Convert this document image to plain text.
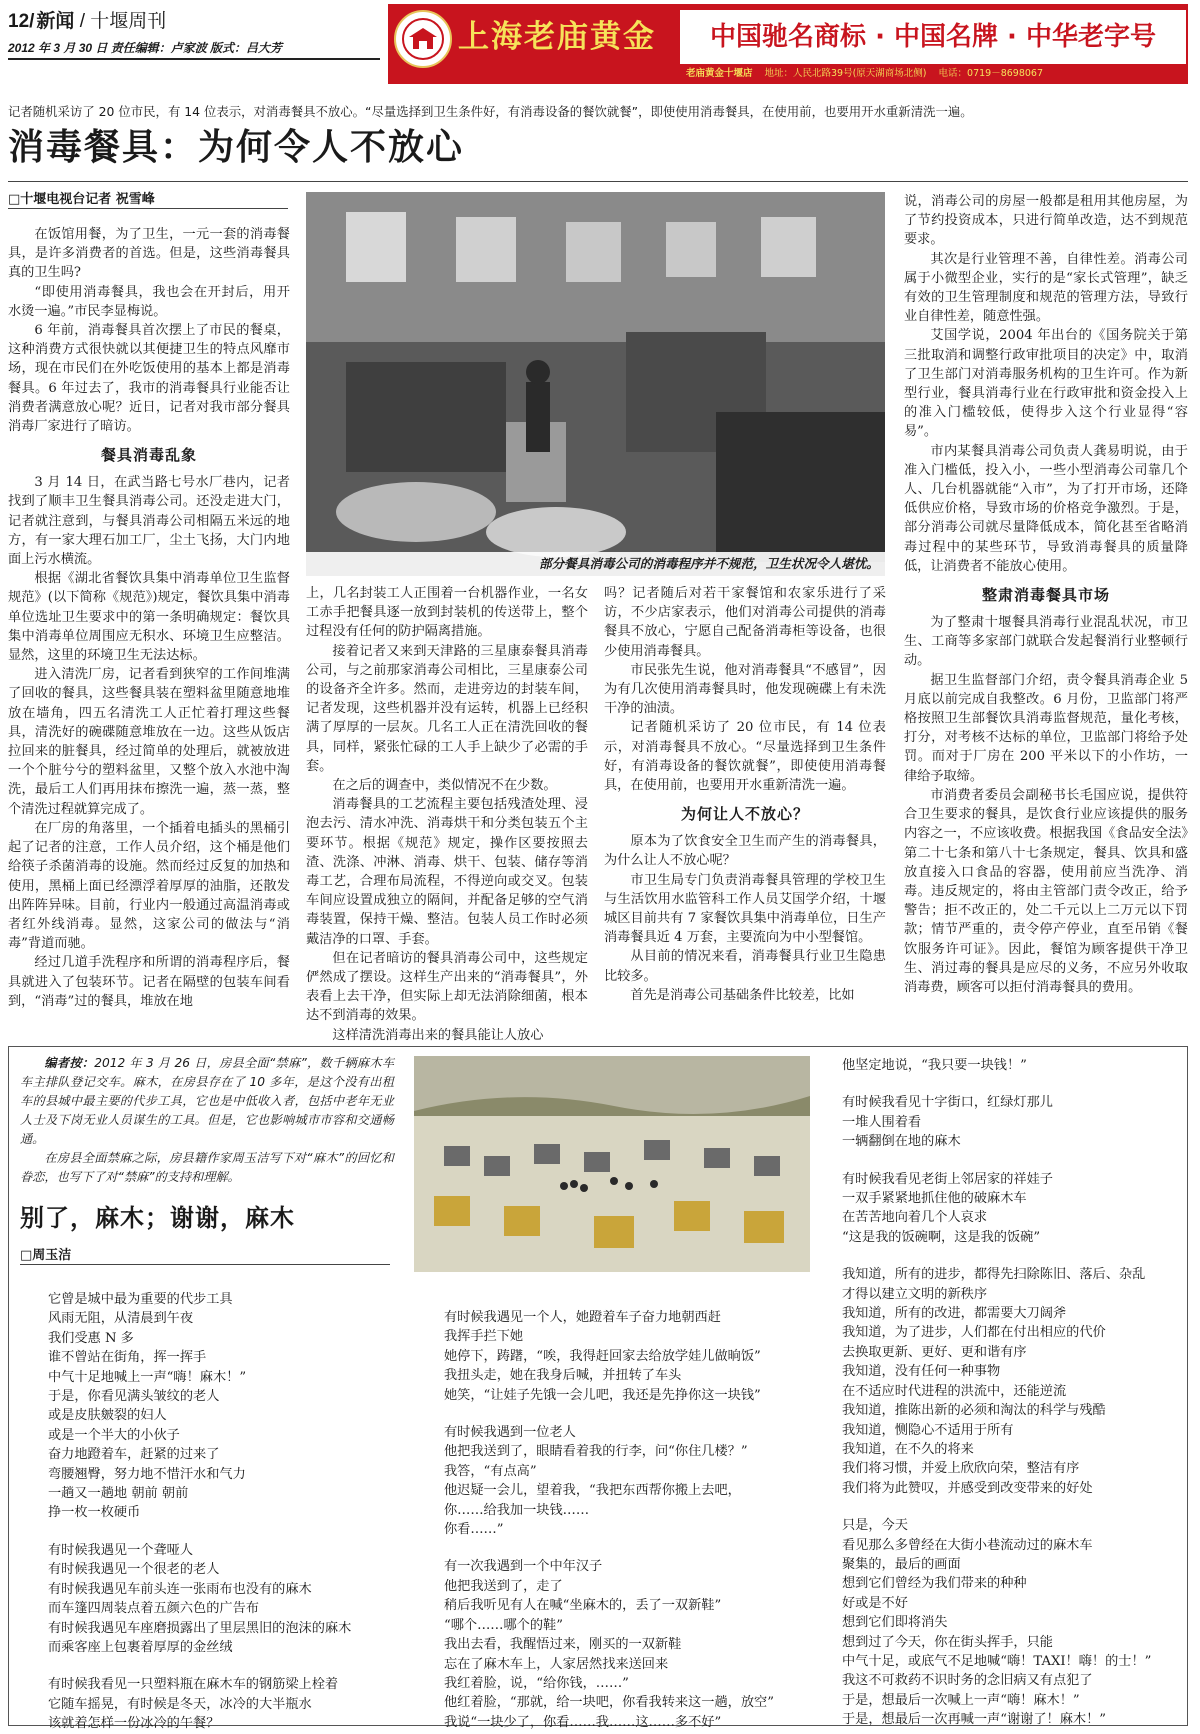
12/ 新闻 / 十堰周刊
2012 年 3 月 30 日 责任编辑：卢家波 版式：吕大芳	上海老庙黄金	中国驰名商标 · 中国名牌 · 中华老字号
老庙黄金十堰店 地址：人民北路39号(原天湖商场北侧) 电话：0719－8698067
记者随机采访了 20 位市民，有 14 位表示，对消毒餐具不放心。“尽量选择到卫生条件好，有消毒设备的餐饮就餐”，即使使用消毒餐具，在使用前，也要用开水重新清洗一遍。
消毒餐具：为何令人不放心
□十堰电视台记者 祝雪峰
部分餐具消毒公司的消毒程序并不规范，卫生状况令人堪忧。

在饭馆用餐，为了卫生，一元一套的消毒餐具，是许多消费者的首选。但是，这些消毒餐具真的卫生吗?

“即使用消毒餐具，我也会在开封后，用开水烫一遍。”市民李显梅说。

6 年前，消毒餐具首次摆上了市民的餐桌，这种消费方式很快就以其便捷卫生的特点风靡市场，现在市民们在外吃饭使用的基本上都是消毒餐具。6 年过去了，我市的消毒餐具行业能否让消费者满意放心呢？近日，记者对我市部分餐具消毒厂家进行了暗访。

餐具消毒乱象

3 月 14 日，在武当路七号水厂巷内，记者找到了顺丰卫生餐具消毒公司。还没走进大门，记者就注意到，与餐具消毒公司相隔五米远的地方，有一家大理石加工厂，尘土飞扬，大门内地面上污水横流。

根据《湖北省餐饮具集中消毒单位卫生监督规范》(以下简称《规范》)规定，餐饮具集中消毒单位选址卫生要求中的第一条明确规定：餐饮具集中消毒单位周围应无积水、环境卫生应整洁。显然，这里的环境卫生无法达标。

进入清洗厂房，记者看到狭窄的工作间堆满了回收的餐具，这些餐具装在塑料盆里随意地堆放在墙角，四五名清洗工人正忙着打理这些餐具，清洗好的碗碟随意堆放在一边。这些从饭店拉回来的脏餐具，经过简单的处理后，就被放进一个个脏兮兮的塑料盆里，又整个放入水池中淘洗，最后工人们再用抹布擦洗一遍，蒸一蒸，整个清洗过程就算完成了。

在厂房的角落里，一个插着电插头的黑桶引起了记者的注意，工作人员介绍，这个桶是他们给筷子杀菌消毒的设施。然而经过反复的加热和使用，黑桶上面已经漂浮着厚厚的油脂，还散发出阵阵异味。目前，行业内一般通过高温消毒或者红外线消毒。显然，这家公司的做法与“消毒”背道而驰。

经过几道手洗程序和所谓的消毒程序后，餐具就进入了包装环节。记者在隔壁的包装车间看到，“消毒”过的餐具，堆放在地

上，几名封装工人正围着一台机器作业，一名女工赤手把餐具逐一放到封装机的传送带上，整个过程没有任何的防护隔离措施。

接着记者又来到天津路的三星康泰餐具消毒公司，与之前那家消毒公司相比，三星康泰公司的设备齐全许多。然而，走进旁边的封装车间，记者发现，这些机器并没有运转，机器上已经积满了厚厚的一层灰。几名工人正在清洗回收的餐具，同样，紧张忙碌的工人手上缺少了必需的手套。

在之后的调查中，类似情况不在少数。

消毒餐具的工艺流程主要包括残渣处理、浸泡去污、清水冲洗、消毒烘干和分类包装五个主要环节。根据《规范》规定，操作区要按照去渣、洗涤、冲淋、消毒、烘干、包装、储存等消毒工艺，合理布局流程，不得逆向或交叉。包装车间应设置成独立的隔间，并配备足够的空气消毒装置，保持干燥、整洁。包装人员工作时必须戴洁净的口罩、手套。

但在记者暗访的餐具消毒公司中，这些规定俨然成了摆设。这样生产出来的“消毒餐具”，外表看上去干净，但实际上却无法消除细菌，根本达不到消毒的效果。

这样清洗消毒出来的餐具能让人放心

吗？记者随后对若干家餐馆和农家乐进行了采访，不少店家表示，他们对消毒公司提供的消毒餐具不放心，宁愿自己配备消毒柜等设备，也很少使用消毒餐具。

市民张先生说，他对消毒餐具“不感冒”，因为有几次使用消毒餐具时，他发现碗碟上有未洗干净的油渍。

记者随机采访了 20 位市民，有 14 位表示，对消毒餐具不放心。“尽量选择到卫生条件好，有消毒设备的餐饮就餐”，即使使用消毒餐具，在使用前，也要用开水重新清洗一遍。

为何让人不放心？

原本为了饮食安全卫生而产生的消毒餐具，为什么让人不放心呢？

市卫生局专门负责消毒餐具管理的学校卫生与生活饮用水监管科工作人员艾国学介绍，十堰城区目前共有 7 家餐饮具集中消毒单位，日生产消毒餐具近 4 万套，主要流向为中小型餐馆。

从目前的情况来看，消毒餐具行业卫生隐患比较多。

首先是消毒公司基础条件比较差，比如

说，消毒公司的房屋一般都是租用其他房屋，为了节约投资成本，只进行简单改造，达不到规范要求。

其次是行业管理不善，自律性差。消毒公司属于小微型企业，实行的是“家长式管理”，缺乏有效的卫生管理制度和规范的管理方法，导致行业自律性差，随意性强。

艾国学说，2004 年出台的《国务院关于第三批取消和调整行政审批项目的决定》中，取消了卫生部门对消毒服务机构的卫生许可。作为新型行业，餐具消毒行业在行政审批和资金投入上的准入门槛较低，使得步入这个行业显得“容易”。

市内某餐具消毒公司负责人龚易明说，由于准入门槛低，投入小，一些小型消毒公司靠几个人、几台机器就能“入市”，为了打开市场，还降低供应价格，导致市场的价格竞争激烈。于是，部分消毒公司就尽量降低成本，简化甚至省略消毒过程中的某些环节，导致消毒餐具的质量降低，让消费者不能放心使用。

整肃消毒餐具市场

为了整肃十堰餐具消毒行业混乱状况，市卫生、工商等多家部门就联合发起餐消行业整顿行动。

据卫生监督部门介绍，责令餐具消毒企业 5 月底以前完成自我整改。6 月份，卫监部门将严格按照卫生部餐饮具消毒监督规范，量化考核，打分，对考核不达标的单位，卫监部门将给予处罚。而对于厂房在 200 平米以下的小作坊，一律给予取缔。

市消费者委员会副秘书长毛国应说，提供符合卫生要求的餐具，是饮食行业应该提供的服务内容之一，不应该收费。根据我国《食品安全法》第二十七条和第八十七条规定，餐具、饮具和盛放直接入口食品的容器，使用前应当洗净、消毒。违反规定的，将由主管部门责令改正，给予警告；拒不改正的，处二千元以上二万元以下罚款；情节严重的，责令停产停业，直至吊销《餐饮服务许可证》。因此，餐馆为顾客提供干净卫生、消过毒的餐具是应尽的义务，不应另外收取消毒费，顾客可以拒付消毒餐具的费用。

编者按：2012 年 3 月 26 日，房县全面“禁麻”，数千辆麻木车车主排队登记交车。麻木，在房县存在了 10 多年，是这个没有出租车的县城中最主要的代步工具，它也是中低收入者，包括中老年无业人士及下岗无业人员谋生的工具。但是，它也影响城市市容和交通畅通。

在房县全面禁麻之际，房县籍作家周玉洁写下对“麻木”的回忆和眷恋，也写下了对“禁麻”的支持和理解。

别了，麻木；谢谢，麻木
□周玉洁

它曾是城中最为重要的代步工具
风雨无阻，从清晨到午夜
我们受惠 N 多
谁不曾站在街角，挥一挥手
中气十足地喊上一声“嗨！麻木！”
于是，你看见满头皱纹的老人
或是皮肤皴裂的妇人
或是一个半大的小伙子
奋力地蹬着车，赶紧的过来了
弯腰翘臀，努力地不惜汗水和气力
一趟又一趟地 朝前 朝前
挣一枚一枚硬币

有时候我遇见一个聋哑人
有时候我遇见一个很老的老人
有时候我遇见车前头连一张雨布也没有的麻木
而车篷四周装点着五颜六色的广告布
有时候我遇见车座磨损露出了里层黑旧的泡沫的麻木
而乘客座上包裹着厚厚的金丝绒

有时候我看见一只塑料瓶在麻木车的钢筋梁上栓着
它随车摇晃，有时候是冬天，冰冷的大半瓶水
该就着怎样一份冰冷的午餐？

有时候我遇见一个人，她蹬着车子奋力地朝西赶
我挥手拦下她
她停下，踌躇，“唉，我得赶回家去给放学娃儿做晌饭”
我扭头走，她在我身后喊，并扭转了车头
她笑，“让娃子先饿一会儿吧，我还是先挣你这一块钱”

有时候我遇到一位老人
他把我送到了，眼睛看着我的行李，问“你住几楼？”
我答，“有点高”
他迟疑一会儿，望着我，“我把东西帮你搬上去吧，
你……给我加一块钱……
你看……”

有一次我遇到一个中年汉子
他把我送到了，走了
稍后我听见有人在喊“坐麻木的，丢了一双新鞋”
“哪个……哪个的鞋”
我出去看，我醒悟过来，刚买的一双新鞋
忘在了麻木车上，人家居然找来送回来
我红着脸，说，“给你钱，……”
他红着脸，“那就，给一块吧，你看我转来这一趟，放空”
我说“一块少了，你看……我……这……多不好”

他坚定地说，“我只要一块钱！”

有时候我看见十字街口，红绿灯那儿
一堆人围着看
一辆翻倒在地的麻木

有时候我看见老街上邻居家的祥娃子
一双手紧紧地抓住他的破麻木车
在苦苦地向着几个人哀求
“这是我的饭碗啊，这是我的饭碗”

我知道，所有的进步，都得先扫除陈旧、落后、杂乱
才得以建立文明的新秩序
我知道，所有的改进，都需要大刀阔斧
我知道，为了进步，人们都在付出相应的代价
去换取更新、更好、更和谐有序
我知道，没有任何一种事物
在不适应时代进程的洪流中，还能逆流
我知道，推陈出新的必须和淘汰的科学与残酷
我知道，恻隐心不适用于所有
我知道，在不久的将来
我们将习惯，并爱上欣欣向荣，整洁有序
我们将为此赞叹，并感受到改变带来的好处

只是，今天
看见那么多曾经在大街小巷流动过的麻木车
聚集的，最后的画面
想到它们曾经为我们带来的种种
好或是不好
想到它们即将消失
想到过了今天，你在街头挥手，只能
中气十足，或底气不足地喊“嗨！TAXI！嗨！的士！”
我这不可救药不识时务的念旧病又有点犯了
于是，想最后一次喊上一声“嗨！麻木！”
于是，想最后一次再喊一声“谢谢了！麻木！”
